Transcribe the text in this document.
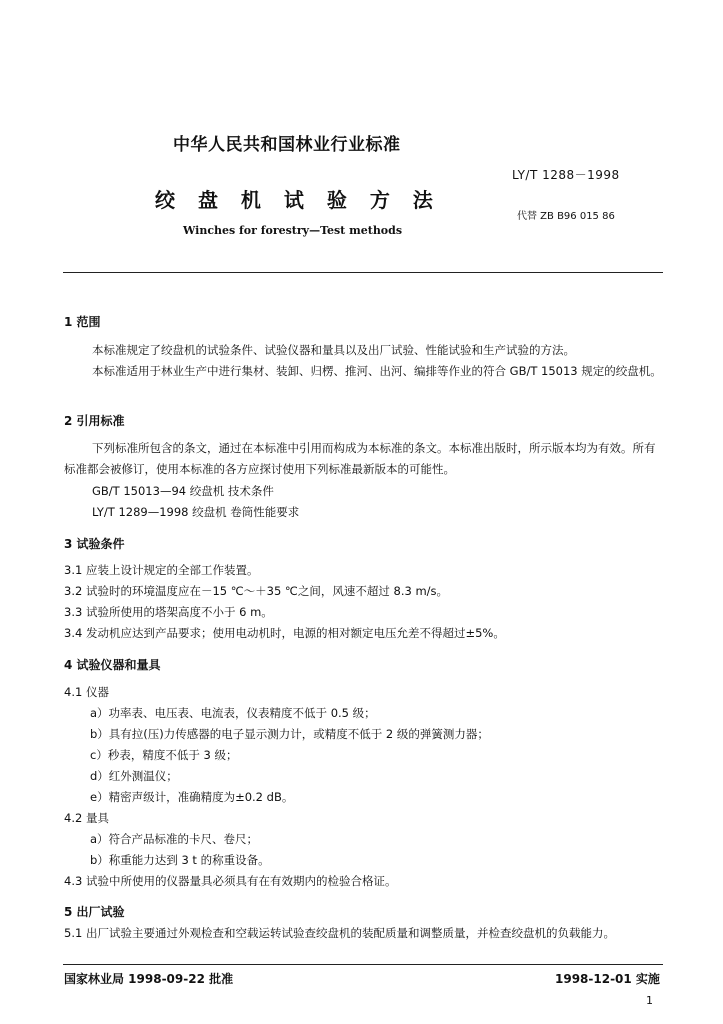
中华人民共和国林业行业标准
LY/T 1288－1998
绞 盘 机 试 验 方 法
代替 ZB B96 015 86
Winches for forestry—Test methods
1 范围
本标准规定了绞盘机的试验条件、试验仪器和量具以及出厂试验、性能试验和生产试验的方法。
本标准适用于林业生产中进行集材、装卸、归楞、推河、出河、编排等作业的符合 GB/T 15013 规定的绞盘机。
2 引用标准
下列标准所包含的条文，通过在本标准中引用而构成为本标准的条文。本标准出版时，所示版本均为有效。所有标准都会被修订，使用本标准的各方应探讨使用下列标准最新版本的可能性。
GB/T 15013—94 绞盘机 技术条件
LY/T 1289—1998 绞盘机 卷筒性能要求
3 试验条件
3.1 应装上设计规定的全部工作装置。
3.2 试验时的环境温度应在－15 ℃～＋35 ℃之间，风速不超过 8.3 m/s。
3.3 试验所使用的塔架高度不小于 6 m。
3.4 发动机应达到产品要求；使用电动机时，电源的相对额定电压允差不得超过±5%。
4 试验仪器和量具
4.1 仪器
a）功率表、电压表、电流表，仪表精度不低于 0.5 级；
b）具有拉(压)力传感器的电子显示测力计，或精度不低于 2 级的弹簧测力器；
c）秒表，精度不低于 3 级；
d）红外测温仪；
e）精密声级计，准确精度为±0.2 dB。
4.2 量具
a）符合产品标准的卡尺、卷尺；
b）称重能力达到 3 t 的称重设备。
4.3 试验中所使用的仪器量具必须具有在有效期内的检验合格证。
5 出厂试验
5.1 出厂试验主要通过外观检查和空载运转试验查绞盘机的装配质量和调整质量，并检查绞盘机的负载能力。
国家林业局 1998-09-22 批准	1998-12-01 实施
1
